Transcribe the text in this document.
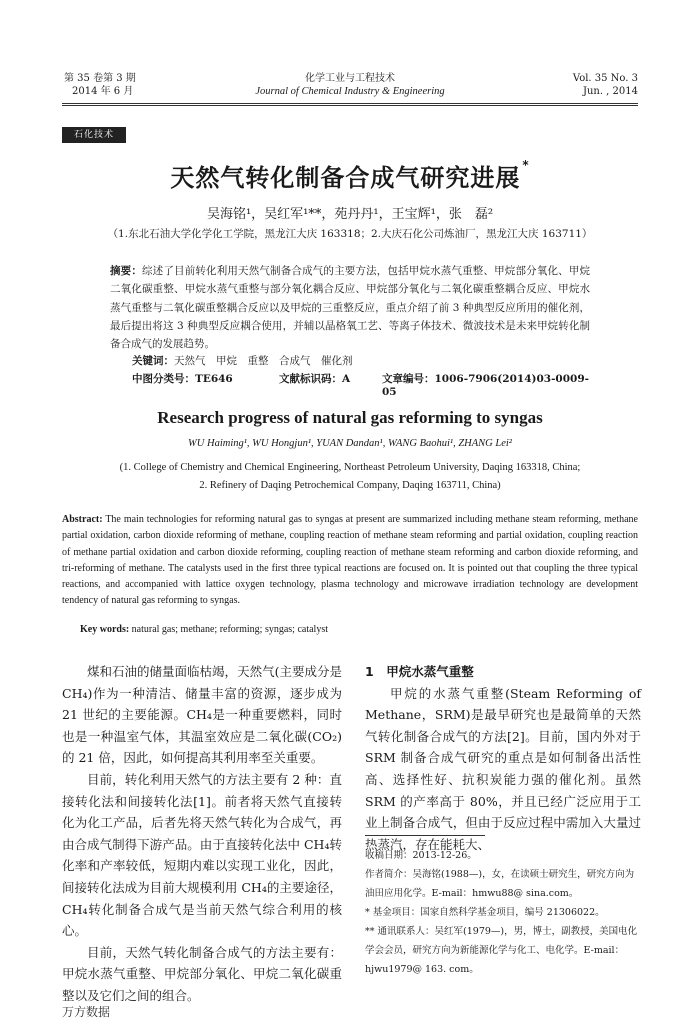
第 35 卷第 3 期
2014 年 6 月
化学工业与工程技术
Journal of Chemical Industry & Engineering
Vol. 35 No. 3
Jun. , 2014
石化技术
天然气转化制备合成气研究进展 *
吴海铭¹，吴红军¹**，苑丹丹¹，王宝辉¹，张　磊²
（1.东北石油大学化学化工学院，黑龙江大庆 163318；2.大庆石化公司炼油厂，黑龙江大庆 163711）
摘要：综述了目前转化利用天然气制备合成气的主要方法，包括甲烷水蒸气重整、甲烷部分氧化、甲烷二氧化碳重整、甲烷水蒸气重整与部分氧化耦合反应、甲烷部分氧化与二氧化碳重整耦合反应、甲烷水蒸气重整与二氧化碳重整耦合反应以及甲烷的三重整反应，重点介绍了前 3 种典型反应所用的催化剂，最后提出将这 3 种典型反应耦合使用，并辅以晶格氧工艺、等离子体技术、微波技术是未来甲烷转化制备合成气的发展趋势。
关键词：天然气　甲烷　重整　合成气　催化剂
中图分类号：TE646	文献标识码：A	文章编号：1006-7906(2014)03-0009-05
Research progress of natural gas reforming to syngas
WU Haiming¹, WU Hongjun¹, YUAN Dandan¹, WANG Baohui¹, ZHANG Lei²
(1. College of Chemistry and Chemical Engineering, Northeast Petroleum University, Daqing 163318, China;
2. Refinery of Daqing Petrochemical Company, Daqing 163711, China)
Abstract: The main technologies for reforming natural gas to syngas at present are summarized including methane steam reforming, methane partial oxidation, carbon dioxide reforming of methane, coupling reaction of methane steam reforming and partial oxidation, coupling reaction of methane partial oxidation and carbon dioxide reforming, coupling reaction of methane steam reforming and carbon dioxide reforming, and tri-reforming of methane. The catalysts used in the first three typical reactions are focused on. It is pointed out that coupling the three typical reactions, and accompanied with lattice oxygen technology, plasma technology and microwave irradiation technology are development tendency of natural gas reforming to syngas.
Key words: natural gas; methane; reforming; syngas; catalyst

煤和石油的储量面临枯竭，天然气(主要成分是 CH₄)作为一种清洁、储量丰富的资源，逐步成为 21 世纪的主要能源。CH₄是一种重要燃料，同时也是一种温室气体，其温室效应是二氧化碳(CO₂)的 21 倍，因此，如何提高其利用率至关重要。

目前，转化利用天然气的方法主要有 2 种：直接转化法和间接转化法[1]。前者将天然气直接转化为化工产品，后者先将天然气转化为合成气，再由合成气制得下游产品。由于直接转化法中 CH₄转化率和产率较低，短期内难以实现工业化，因此，间接转化法成为目前大规模利用 CH₄的主要途径，CH₄转化制备合成气是当前天然气综合利用的核心。

目前，天然气转化制备合成气的方法主要有：甲烷水蒸气重整、甲烷部分氧化、甲烷二氧化碳重整以及它们之间的组合。

1　甲烷水蒸气重整

甲烷的水蒸气重整(Steam Reforming of Methane，SRM)是最早研究也是最简单的天然气转化制备合成气的方法[2]。目前，国内外对于 SRM 制备合成气研究的重点是如何制备出活性高、选择性好、抗积炭能力强的催化剂。虽然 SRM 的产率高于 80%，并且已经广泛应用于工业上制备合成气，但由于反应过程中需加入大量过热蒸汽，存在能耗大、

收稿日期：2013-12-26。
作者简介：吴海铭(1988—)，女，在读硕士研究生，研究方向为油田应用化学。E-mail：hmwu88@ sina.com。
* 基金项目：国家自然科学基金项目，编号 21306022。
** 通讯联系人：吴红军(1979—)，男，博士，副教授，美国电化学会会员，研究方向为新能源化学与化工、电化学。E-mail：hjwu1979@ 163. com。
万方数据
